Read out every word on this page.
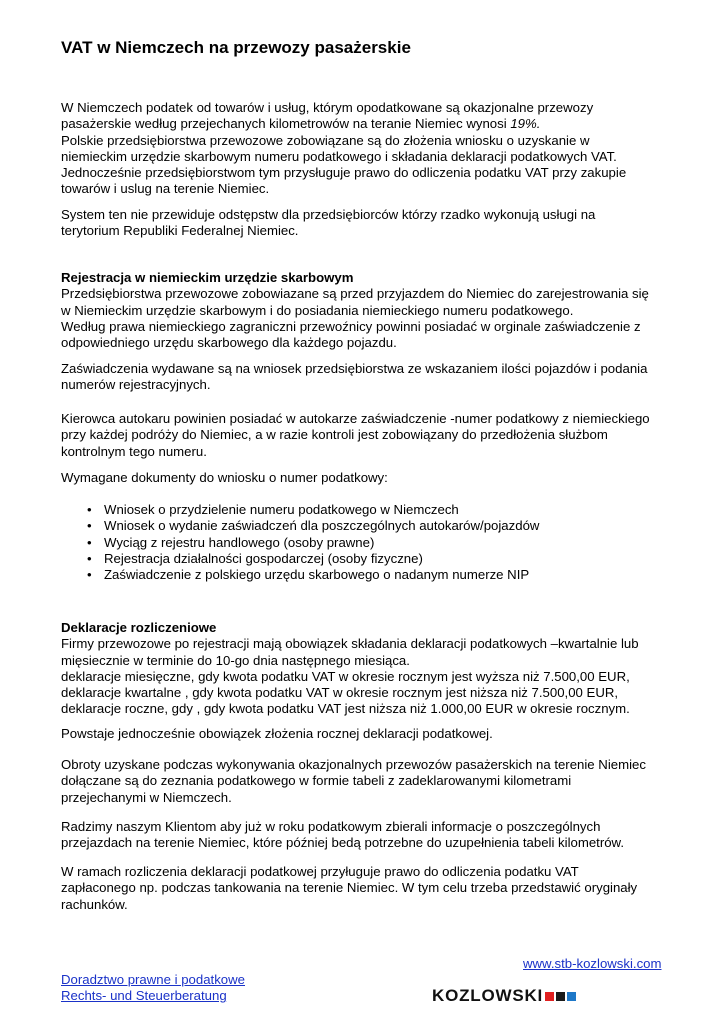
VAT w Niemczech na przewozy pasażerskie

W Niemczech podatek od towarów i usług, którym opodatkowane są okazjonalne przewozy

pasażerskie według przejechanych kilometrowów na teranie Niemiec wynosi 19%.

Polskie przedsiębiorstwa przewozowe zobowiązane są do złożenia wniosku o uzyskanie w

niemieckim urzędzie skarbowym numeru podatkowego i składania deklaracji podatkowych VAT.

Jednocześnie przedsiębiorstwom tym przysługuje prawo do odliczenia podatku VAT przy zakupie

towarów i uslug na terenie Niemiec.

System ten nie przewiduje odstępstw dla przedsiębiorców którzy rzadko wykonują usługi na

terytorium Republiki Federalnej Niemiec.

Rejestracja w niemieckim urzędzie skarbowym

Przedsiębiorstwa przewozowe zobowiazane są przed przyjazdem do Niemiec do zarejestrowania się

w Niemieckim urzędzie skarbowym i do posiadania niemieckiego numeru podatkowego.

Według prawa niemieckiego zagraniczni przewoźnicy powinni posiadać w orginale zaświadczenie z

odpowiedniego urzędu skarbowego dla każdego pojazdu.

Zaświadczenia wydawane są na wniosek przedsiębiorstwa ze wskazaniem ilości pojazdów i podania

numerów rejestracyjnych.

Kierowca autokaru powinien posiadać w autokarze zaświadczenie -numer podatkowy z niemieckiego

przy każdej podróży do Niemiec, a w razie kontroli jest zobowiązany do przedłożenia służbom

kontrolnym tego numeru.

Wymagane dokumenty do wniosku o numer podatkowy:

• Wniosek o przydzielenie numeru podatkowego w Niemczech
• Wniosek o wydanie zaświadczeń dla poszczególnych autokarów/pojazdów
• Wyciąg z rejestru handlowego (osoby prawne)
• Rejestracja działalności gospodarczej (osoby fizyczne)
• Zaświadczenie z polskiego urzędu skarbowego o nadanym numerze NIP

Deklaracje rozliczeniowe

Firmy przewozowe po rejestracji mają obowiązek składania deklaracji podatkowych –kwartalnie lub

mięsiecznie w terminie do 10-go dnia następnego miesiąca.

deklaracje miesięczne, gdy kwota podatku VAT w okresie rocznym jest wyższa niż 7.500,00 EUR,

deklaracje kwartalne , gdy kwota podatku VAT w okresie rocznym jest niższa niż 7.500,00 EUR,

deklaracje roczne, gdy , gdy kwota podatku VAT jest niższa niż 1.000,00 EUR w okresie rocznym.

Powstaje jednocześnie obowiązek złożenia rocznej deklaracji podatkowej.

Obroty uzyskane podczas wykonywania okazjonalnych przewozów pasażerskich na terenie Niemiec

dołączane są do zeznania podatkowego w formie tabeli z zadeklarowanymi kilometrami

przejechanymi w Niemczech.

Radzimy naszym Klientom aby już w roku podatkowym zbierali informacje o poszczególnych

przejazdach na terenie Niemiec, które później bedą potrzebne do uzupełnienia tabeli kilometrów.

W ramach rozliczenia deklaracji podatkowej przyługuje prawo do odliczenia podatku VAT

zapłaconego np. podczas tankowania na terenie Niemiec. W tym celu trzeba przedstawić oryginały

rachunków.

www.stb-kozlowski.com
Doradztwo prawne i podatkowe
Rechts- und Steuerberatung	KOZLOWSKI
